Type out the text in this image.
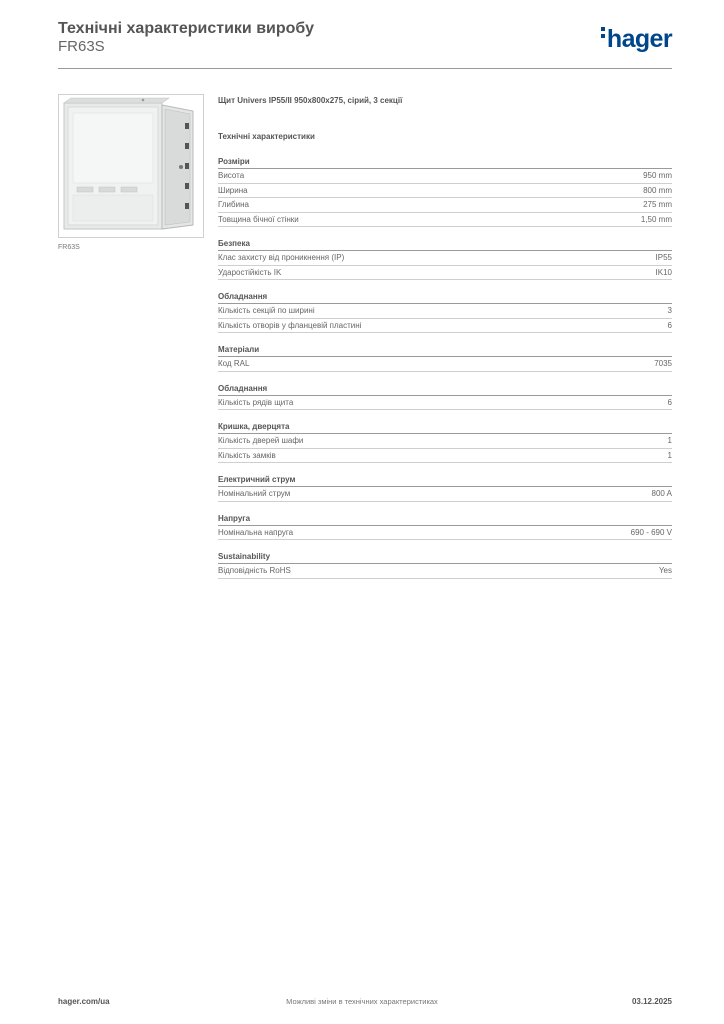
Технічні характеристики виробу
FR63S	hager
FR63S
Щит Univers IP55/II 950x800x275, сірий, 3 секції
Технічні характеристики
Розміри
Висота	950 mm
Ширина	800 mm
Глибина	275 mm
Товщина бічної стінки	1,50 mm
Безпека
Клас захисту від проникнення (IP)	IP55
Ударостійкість IK	IK10
Обладнання
Кількість секцій по ширині	3
Кількість отворів у фланцевій пластині	6
Матеріали
Код RAL	7035
Обладнання
Кількість рядів щита	6
Кришка, дверцята
Кількість дверей шафи	1
Кількість замків	1
Електричний струм
Номінальний струм	800 A
Напруга
Номінальна напруга	690 - 690 V
Sustainability
Відповідність RoHS	Yes
hager.com/ua	Можливі зміни в технічних характеристиках	03.12.2025
